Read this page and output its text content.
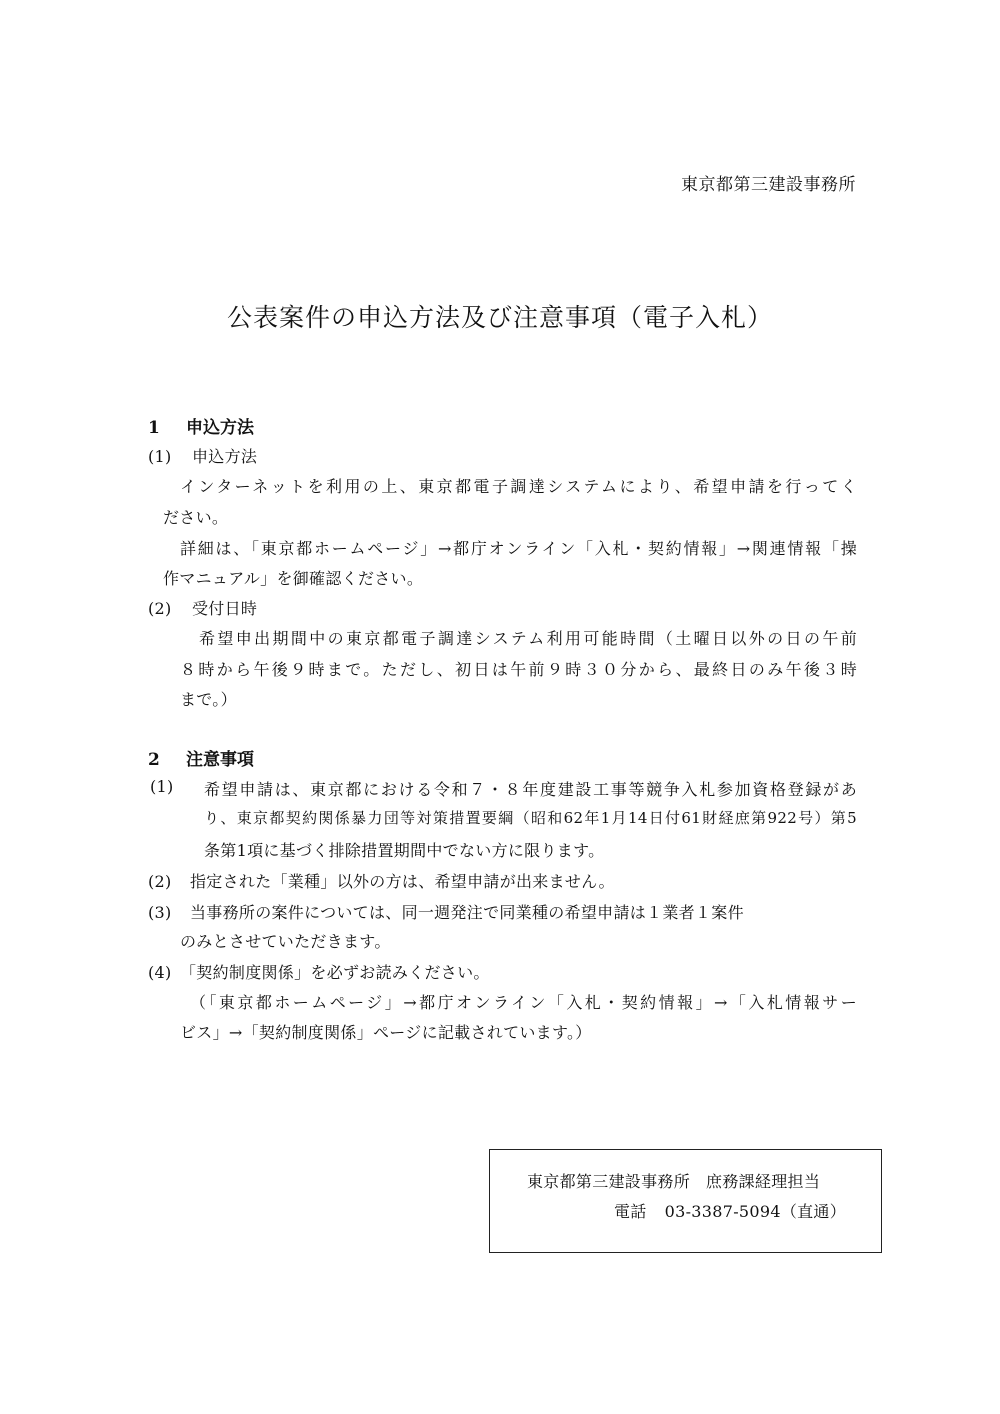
東京都第三建設事務所
公表案件の申込方法及び注意事項（電子入札）
1 申込方法
(1) 申込方法
インターネットを利用の上、東京都電子調達システムにより、希望申請を行ってく
ださい。
詳細は、「東京都ホームページ」→都庁オンライン「入札・契約情報」→関連情報「操
作マニュアル」を御確認ください。
(2) 受付日時
希望申出期間中の東京都電子調達システム利用可能時間（土曜日以外の日の午前
８時から午後９時まで。ただし、初日は午前９時３０分から、最終日のみ午後３時
まで。）
2 注意事項
(1) 希望申請は、東京都における令和７・８年度建設工事等競争入札参加資格登録があ
り、東京都契約関係暴力団等対策措置要綱（昭和62年1月14日付61財経庶第922号）第5
条第1項に基づく排除措置期間中でない方に限ります。
(2) 指定された「業種」以外の方は、希望申請が出来ません。
(3) 当事務所の案件については、同一週発注で同業種の希望申請は１業者１案件
のみとさせていただきます。
(4) 「契約制度関係」を必ずお読みください。
（「東京都ホームページ」→都庁オンライン「入札・契約情報」→「入札情報サー
ビス」→「契約制度関係」ページに記載されています。）
東京都第三建設事務所 庶務課経理担当
電話 03-3387-5094（直通）
